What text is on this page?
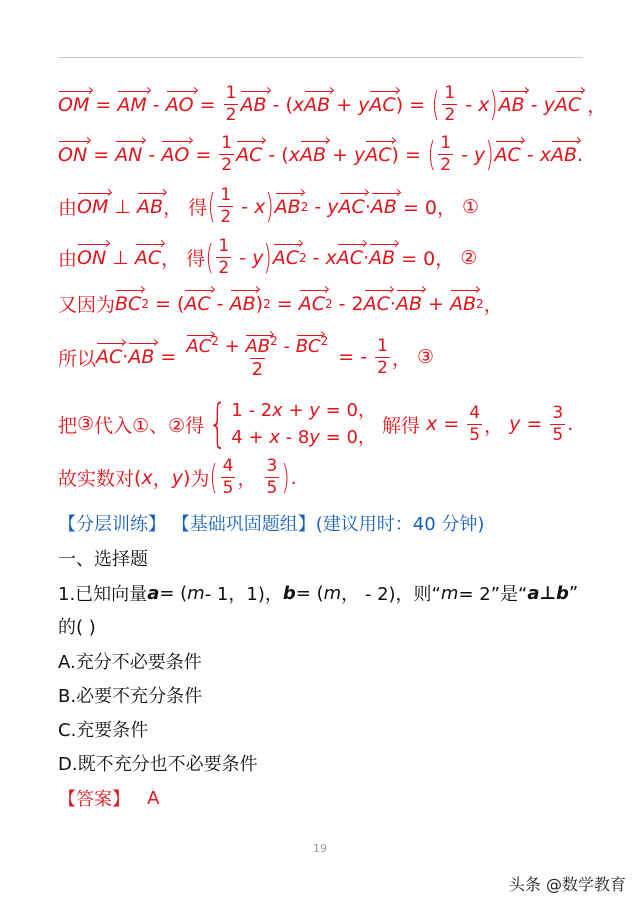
OM = AM - AO = $\frac{1}{2}$ AB - ( x AB + y AC ) = ( $\frac{1}{2}$ - x ) AB - y AC ，
ON = AN - AO = $\frac{1}{2}$ AC - ( x AB + y AC ) = ( $\frac{1}{2}$ - y ) AC - x AB .
由 OM ⊥ AB ， 得 ( $\frac{1}{2}$ - x ) AB 2 - y AC · AB = 0， ①
由 ON ⊥ AC ， 得 ( $\frac{1}{2}$ - y ) AC 2 - x AC · AB = 0， ②
又因为 BC 2 = ( AC - AB ) 2 = AC 2 - 2 AC · AB + AB 2 ，
所以 AC · AB = $\frac{AC^2 + AB^2 - BC^2}{2}$ = - $\frac{1}{2}$ ， ③
把 ③ 代入 ①、② 得 { 1 - 2x + y = 0，
4 + x - 8y = 0，

解得
$x = \frac{4}{5}$ ， $y = \frac{3}{5}$ .
故实数对 ( x ， y ) 为 ( $\frac{4}{5}$ ， $\frac{3}{5}$ ) .
【分层训练】
【基础巩固题组】 (建议用时：40 分钟)
一、选择题
1.已知向量 a = ( m - 1，1)， b = ( m ， - 2)，则“ m = 2”是“ a⊥b ”
的( )
A.充分不必要条件
B.必要不充分条件
C.充要条件
D.既不充分也不必要条件
【答案】
A
19
头条 @数学教育
